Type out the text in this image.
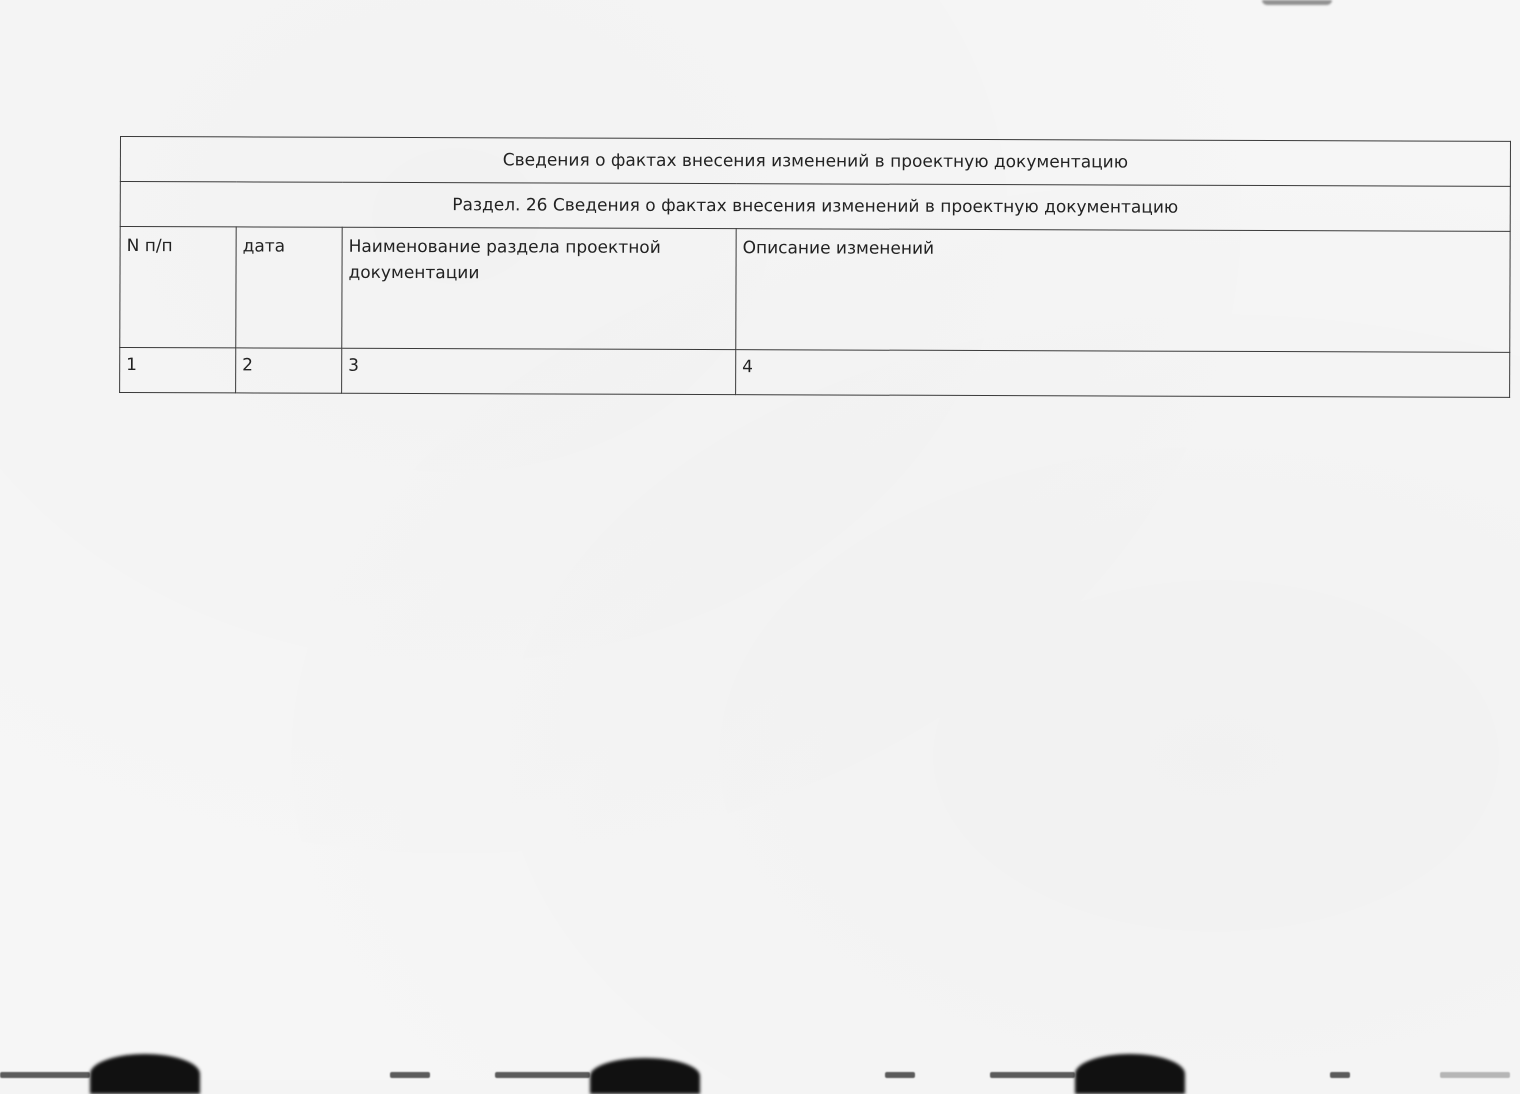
Сведения о фактах внесения изменений в проектную документацию			
Раздел. 26 Сведения о фактах внесения изменений в проектную документацию			
N п/п	дата	Наименование раздела проектной документации	Описание изменений
1	2	3	4
